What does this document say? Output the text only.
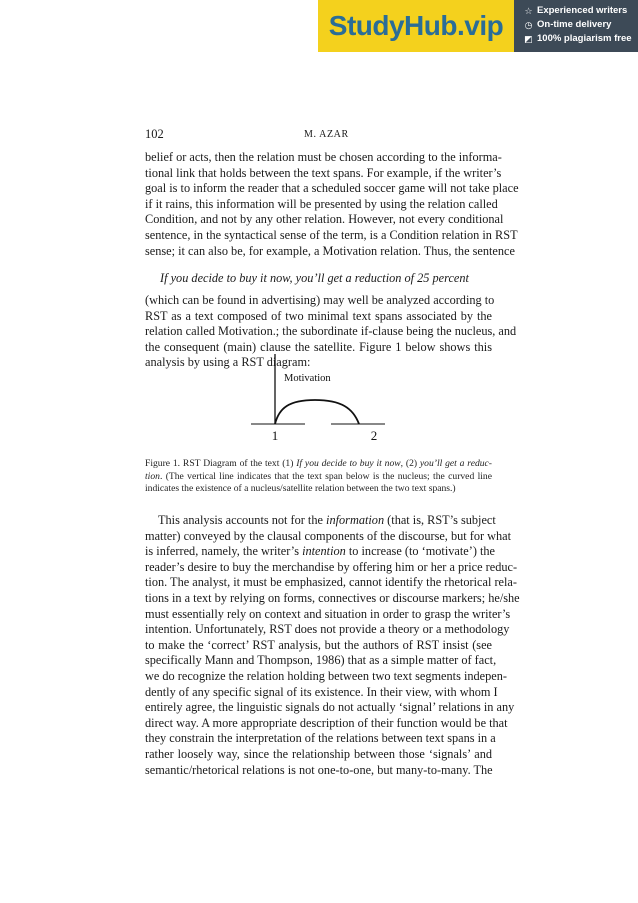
StudyHub.vip ☆ Experienced writers
◷ On-time delivery
◩ 100% plagiarism free
102	M. AZAR
belief or acts, then the relation must be chosen according to the informa-
tional link that holds between the text spans. For example, if the writer’s
goal is to inform the reader that a scheduled soccer game will not take place
if it rains, this information will be presented by using the relation called
Condition, and not by any other relation. However, not every conditional
sentence, in the syntactical sense of the term, is a Condition relation in RST
sense; it can also be, for example, a Motivation relation. Thus, the sentence
If you decide to buy it now, you’ll get a reduction of 25 percent
(which can be found in advertising) may well be analyzed according to
RST as a text composed of two minimal text spans associated by the
relation called Motivation.; the subordinate if-clause being the nucleus, and
the consequent (main) clause the satellite. Figure 1 below shows this
analysis by using a RST diagram:
Motivation
1	2
Figure 1. RST Diagram of the text (1) If you decide to buy it now, (2) you’ll get a reduc-
tion. (The vertical line indicates that the text span below is the nucleus; the curved line
indicates the existence of a nucleus/satellite relation between the two text spans.)
This analysis accounts not for the information (that is, RST’s subject
matter) conveyed by the clausal components of the discourse, but for what
is inferred, namely, the writer’s intention to increase (to ‘motivate’) the
reader’s desire to buy the merchandise by offering him or her a price reduc-
tion. The analyst, it must be emphasized, cannot identify the rhetorical rela-
tions in a text by relying on forms, connectives or discourse markers; he/she
must essentially rely on context and situation in order to grasp the writer’s
intention. Unfortunately, RST does not provide a theory or a methodology
to make the ‘correct’ RST analysis, but the authors of RST insist (see
specifically Mann and Thompson, 1986) that as a simple matter of fact,
we do recognize the relation holding between two text segments indepen-
dently of any specific signal of its existence. In their view, with whom I
entirely agree, the linguistic signals do not actually ‘signal’ relations in any
direct way. A more appropriate description of their function would be that
they constrain the interpretation of the relations between text spans in a
rather loosely way, since the relationship between those ‘signals’ and
semantic/rhetorical relations is not one-to-one, but many-to-many. The
